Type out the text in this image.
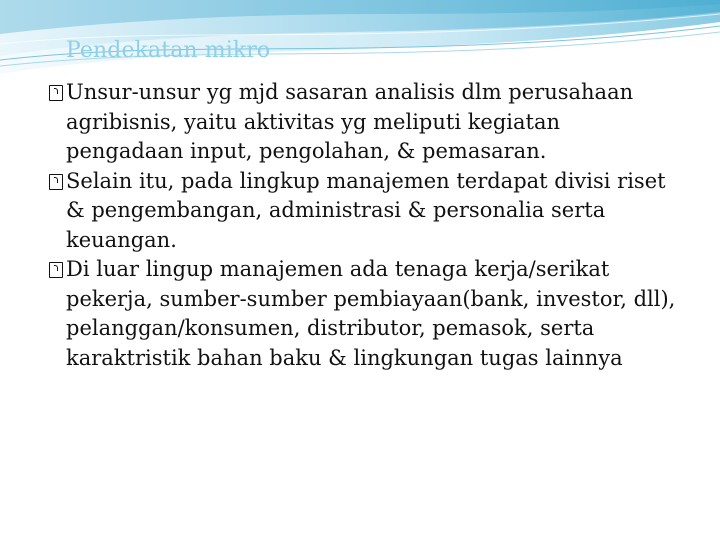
Pendekatan mikro

Unsur-unsur yg mjd sasaran analisis dlm perusahaan agribisnis, yaitu aktivitas yg meliputi kegiatan pengadaan input, pengolahan, & pemasaran.

Selain itu, pada lingkup manajemen terdapat divisi riset & pengembangan, administrasi & personalia serta keuangan.

Di luar lingup manajemen ada tenaga kerja/serikat pekerja, sumber-sumber pembiayaan(bank, investor, dll), pelanggan/konsumen, distributor, pemasok, serta karaktristik bahan baku & lingkungan tugas lainnya
